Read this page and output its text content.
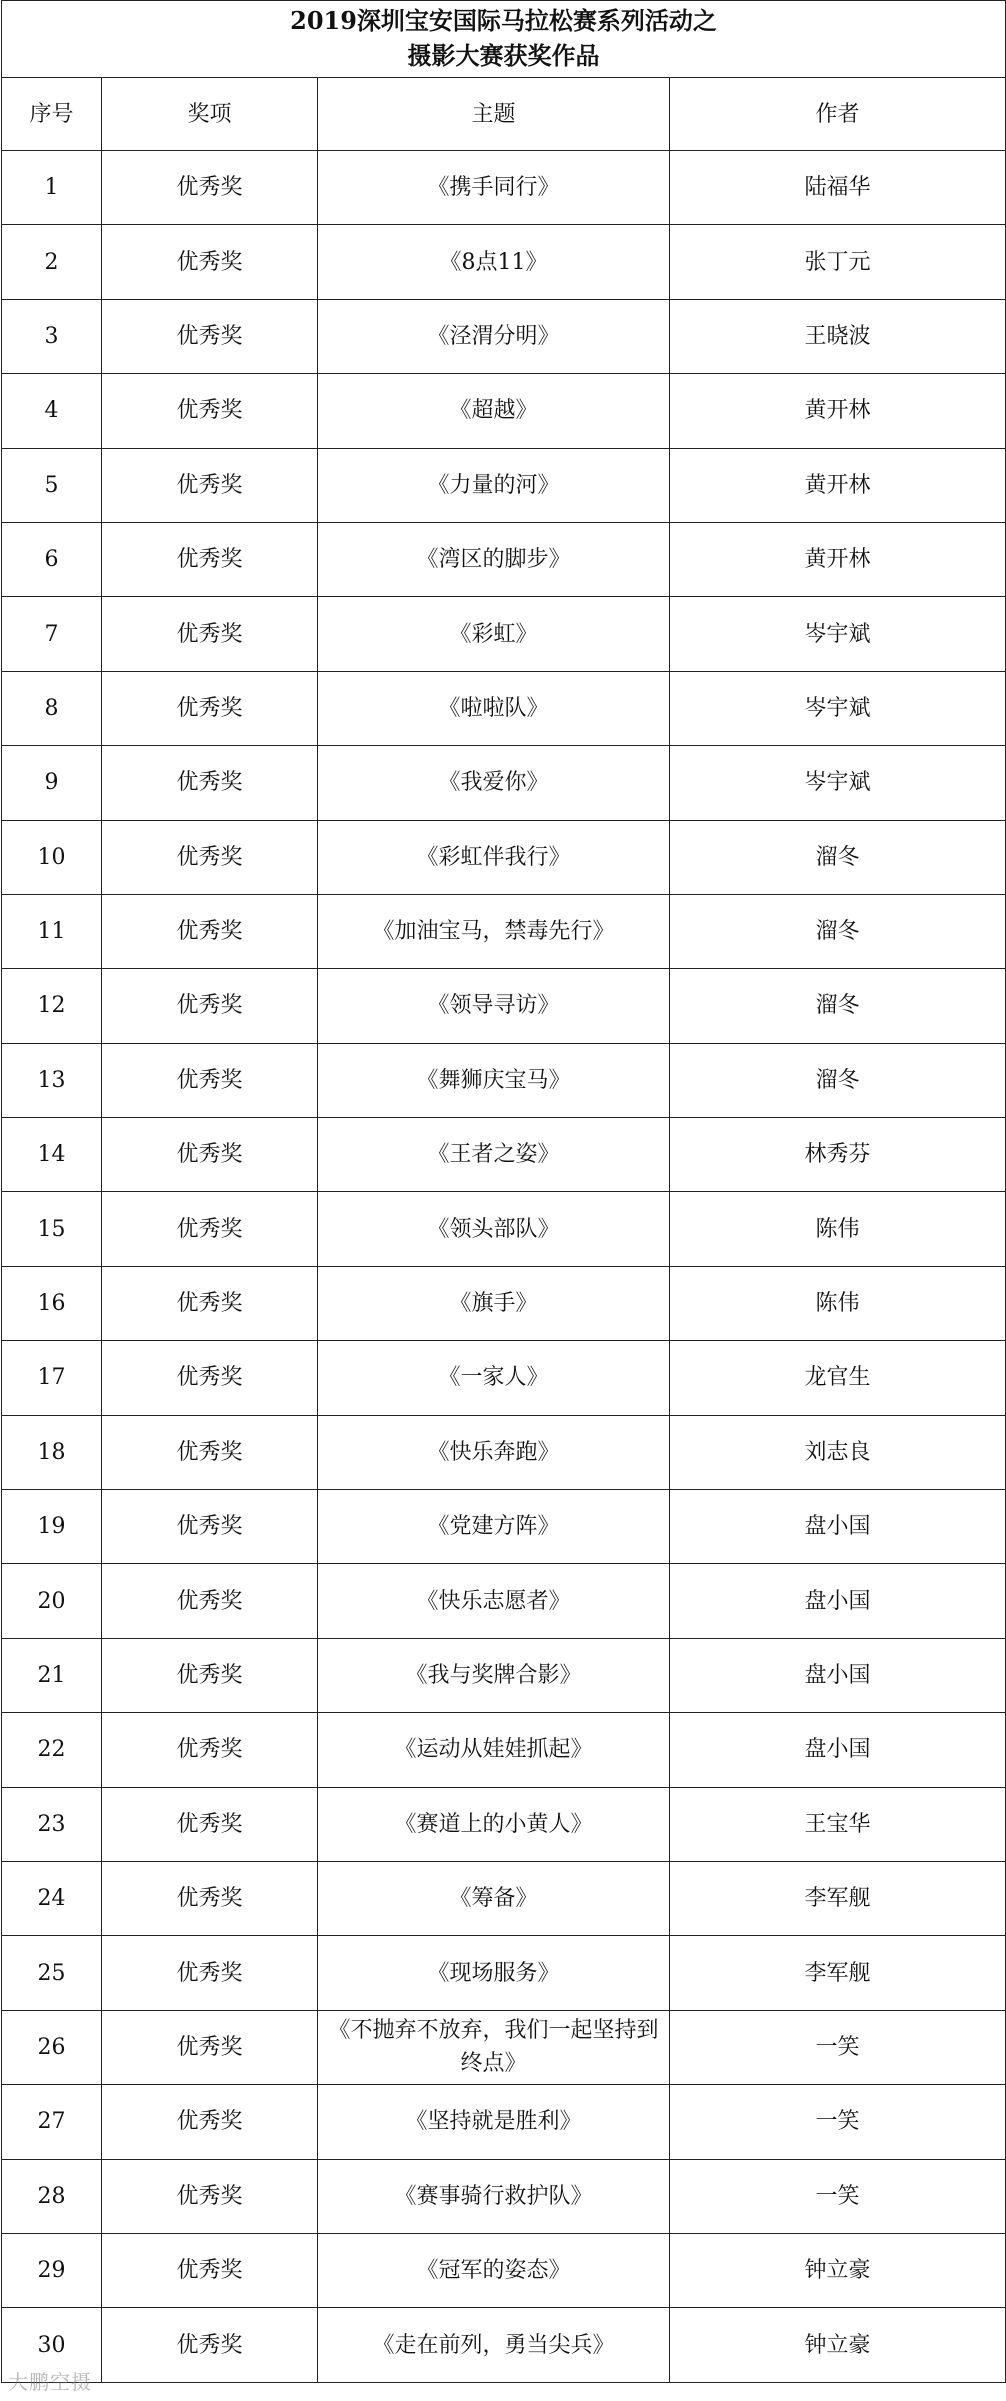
2019深圳宝安国际马拉松赛系列活动之
摄影大赛获奖作品			

序号	奖项	主题	作者
1	优秀奖	《携手同行》	陆福华
2	优秀奖	《8点11》	张丁元
3	优秀奖	《泾渭分明》	王晓波
4	优秀奖	《超越》	黄开林
5	优秀奖	《力量的河》	黄开林
6	优秀奖	《湾区的脚步》	黄开林
7	优秀奖	《彩虹》	岑宇斌
8	优秀奖	《啦啦队》	岑宇斌
9	优秀奖	《我爱你》	岑宇斌
10	优秀奖	《彩虹伴我行》	溜冬
11	优秀奖	《加油宝马，禁毒先行》	溜冬
12	优秀奖	《领导寻访》	溜冬
13	优秀奖	《舞狮庆宝马》	溜冬
14	优秀奖	《王者之姿》	林秀芬
15	优秀奖	《领头部队》	陈伟
16	优秀奖	《旗手》	陈伟
17	优秀奖	《一家人》	龙官生
18	优秀奖	《快乐奔跑》	刘志良
19	优秀奖	《党建方阵》	盘小国
20	优秀奖	《快乐志愿者》	盘小国
21	优秀奖	《我与奖牌合影》	盘小国
22	优秀奖	《运动从娃娃抓起》	盘小国
23	优秀奖	《赛道上的小黄人》	王宝华
24	优秀奖	《筹备》	李军舰
25	优秀奖	《现场服务》	李军舰
26	优秀奖	《不抛弃不放弃，我们一起坚持到终点》	一笑
27	优秀奖	《坚持就是胜利》	一笑
28	优秀奖	《赛事骑行救护队》	一笑
29	优秀奖	《冠军的姿态》	钟立豪
30	优秀奖	《走在前列，勇当尖兵》	钟立豪
大鹏空摄
